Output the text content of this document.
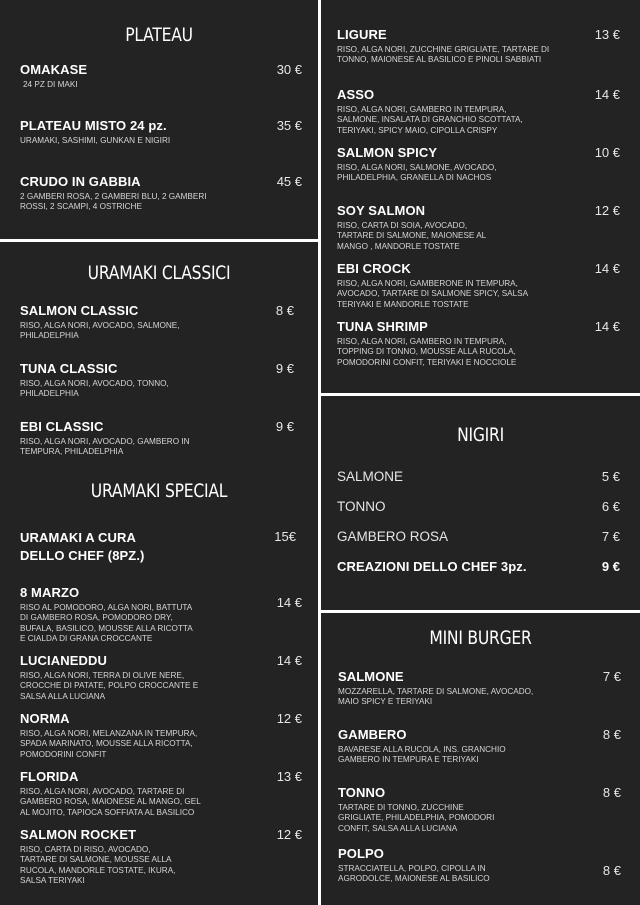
PLATEAU
OMAKASE
24 PZ DI MAKI
30 €
PLATEAU MISTO 24 pz.
URAMAKI, SASHIMI, GUNKAN E NIGIRI
35 €
CRUDO IN GABBIA
2 GAMBERI ROSA, 2 GAMBERI BLU, 2 GAMBERI ROSSI, 2 SCAMPI, 4 OSTRICHE
45 €
URAMAKI CLASSICI
SALMON CLASSIC
RISO, ALGA NORI, AVOCADO, SALMONE, PHILADELPHIA
8 €
TUNA CLASSIC
RISO, ALGA NORI, AVOCADO, TONNO, PHILADELPHIA
9 €
EBI CLASSIC
RISO, ALGA NORI, AVOCADO, GAMBERO IN TEMPURA, PHILADELPHIA
9 €
URAMAKI SPECIAL
URAMAKI A CURA DELLO CHEF (8PZ.)
15€
8 MARZO
RISO AL POMODORO, ALGA NORI, BATTUTA DI GAMBERO ROSA, POMODORO DRY, BUFALA, BASILICO, MOUSSE ALLA RICOTTA E CIALDA DI GRANA CROCCANTE
14 €
LUCIANEDDU
RISO, ALGA NORI, TERRA DI OLIVE NERE, CROCCHE DI PATATE, POLPO CROCCANTE E SALSA ALLA LUCIANA
14 €
NORMA
RISO, ALGA NORI, MELANZANA IN TEMPURA, SPADA MARINATO, MOUSSE ALLA RICOTTA, POMODORINI CONFIT
12 €
FLORIDA
RISO, ALGA NORI, AVOCADO, TARTARE DI GAMBERO ROSA, MAIONESE AL MANGO, GEL AL MOJITO, TAPIOCA SOFFIATA AL BASILICO
13 €
SALMON ROCKET
RISO, CARTA DI RISO, AVOCADO, TARTARE DI SALMONE, MOUSSE ALLA RUCOLA, MANDORLE TOSTATE, IKURA, SALSA TERIYAKI
12 €
LIGURE
RISO, ALGA NORI, ZUCCHINE GRIGLIATE, TARTARE DI TONNO, MAIONESE AL BASILICO E PINOLI SABBIATI
13 €
ASSO
RISO, ALGA NORI, GAMBERO IN TEMPURA, SALMONE, INSALATA DI GRANCHIO SCOTTATA, TERIYAKI, SPICY MAIO, CIPOLLA CRISPY
14 €
SALMON SPICY
RISO, ALGA NORI, SALMONE, AVOCADO, PHILADELPHIA, GRANELLA DI NACHOS
10 €
SOY SALMON
RISO, CARTA DI SOIA, AVOCADO, TARTARE DI SALMONE, MAIONESE AL MANGO , MANDORLE TOSTATE
12 €
EBI CROCK
RISO, ALGA NORI, GAMBERONE IN TEMPURA, AVOCADO, TARTARE DI SALMONE SPICY, SALSA TERIYAKI E MANDORLE TOSTATE
14 €
TUNA SHRIMP
RISO, ALGA NORI, GAMBERO IN TEMPURA, TOPPING DI TONNO, MOUSSE ALLA RUCOLA, POMODORINI CONFIT, TERIYAKI E NOCCIOLE
14 €
NIGIRI
SALMONE	5 €
TONNO	6 €
GAMBERO ROSA	7 €
CREAZIONI DELLO CHEF 3pz.	9 €
MINI BURGER
SALMONE
MOZZARELLA, TARTARE DI SALMONE, AVOCADO, MAIO SPICY E TERIYAKI
7 €
GAMBERO
BAVARESE ALLA RUCOLA, INS. GRANCHIO GAMBERO IN TEMPURA E TERIYAKI
8 €
TONNO
TARTARE DI TONNO, ZUCCHINE GRIGLIATE, PHILADELPHIA, POMODORI CONFIT, SALSA ALLA LUCIANA
8 €
POLPO
STRACCIATELLA, POLPO, CIPOLLA IN AGRODOLCE, MAIONESE AL BASILICO
8 €
